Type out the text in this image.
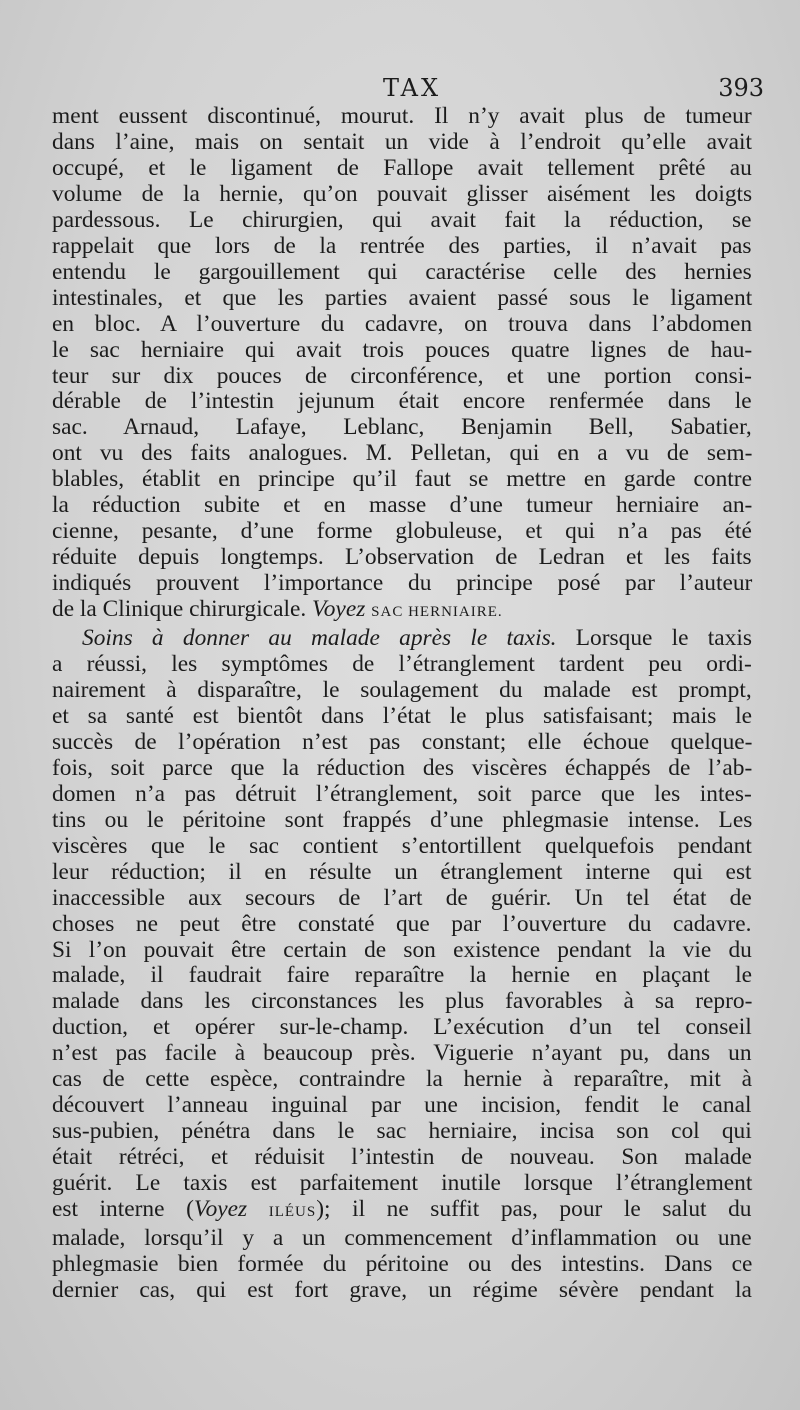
TAX	393
ment eussent discontinué, mourut. Il n’y avait plus de tumeur
dans l’aine, mais on sentait un vide à l’endroit qu’elle avait
occupé, et le ligament de Fallope avait tellement prêté au
volume de la hernie, qu’on pouvait glisser aisément les doigts
pardessous. Le chirurgien, qui avait fait la réduction, se
rappelait que lors de la rentrée des parties, il n’avait pas
entendu le gargouillement qui caractérise celle des hernies
intestinales, et que les parties avaient passé sous le ligament
en bloc. A l’ouverture du cadavre, on trouva dans l’abdomen
le sac herniaire qui avait trois pouces quatre lignes de hau-
teur sur dix pouces de circonférence, et une portion consi-
dérable de l’intestin jejunum était encore renfermée dans le
sac. Arnaud, Lafaye, Leblanc, Benjamin Bell, Sabatier,
ont vu des faits analogues. M. Pelletan, qui en a vu de sem-
blables, établit en principe qu’il faut se mettre en garde contre
la réduction subite et en masse d’une tumeur herniaire an-
cienne, pesante, d’une forme globuleuse, et qui n’a pas été
réduite depuis longtemps. L’observation de Ledran et les faits
indiqués prouvent l’importance du principe posé par l’auteur
de la Clinique chirurgicale. Voyez SAC HERNIAIRE.
Soins à donner au malade après le taxis. Lorsque le taxis
a réussi, les symptômes de l’étranglement tardent peu ordi-
nairement à disparaître, le soulagement du malade est prompt,
et sa santé est bientôt dans l’état le plus satisfaisant; mais le
succès de l’opération n’est pas constant; elle échoue quelque-
fois, soit parce que la réduction des viscères échappés de l’ab-
domen n’a pas détruit l’étranglement, soit parce que les intes-
tins ou le péritoine sont frappés d’une phlegmasie intense. Les
viscères que le sac contient s’entortillent quelquefois pendant
leur réduction; il en résulte un étranglement interne qui est
inaccessible aux secours de l’art de guérir. Un tel état de
choses ne peut être constaté que par l’ouverture du cadavre.
Si l’on pouvait être certain de son existence pendant la vie du
malade, il faudrait faire reparaître la hernie en plaçant le
malade dans les circonstances les plus favorables à sa repro-
duction, et opérer sur-le-champ. L’exécution d’un tel conseil
n’est pas facile à beaucoup près. Viguerie n’ayant pu, dans un
cas de cette espèce, contraindre la hernie à reparaître, mit à
découvert l’anneau inguinal par une incision, fendit le canal
sus-pubien, pénétra dans le sac herniaire, incisa son col qui
était rétréci, et réduisit l’intestin de nouveau. Son malade
guérit. Le taxis est parfaitement inutile lorsque l’étranglement
est interne (Voyez ILÉUS); il ne suffit pas, pour le salut du
malade, lorsqu’il y a un commencement d’inflammation ou une
phlegmasie bien formée du péritoine ou des intestins. Dans ce
dernier cas, qui est fort grave, un régime sévère pendant la
